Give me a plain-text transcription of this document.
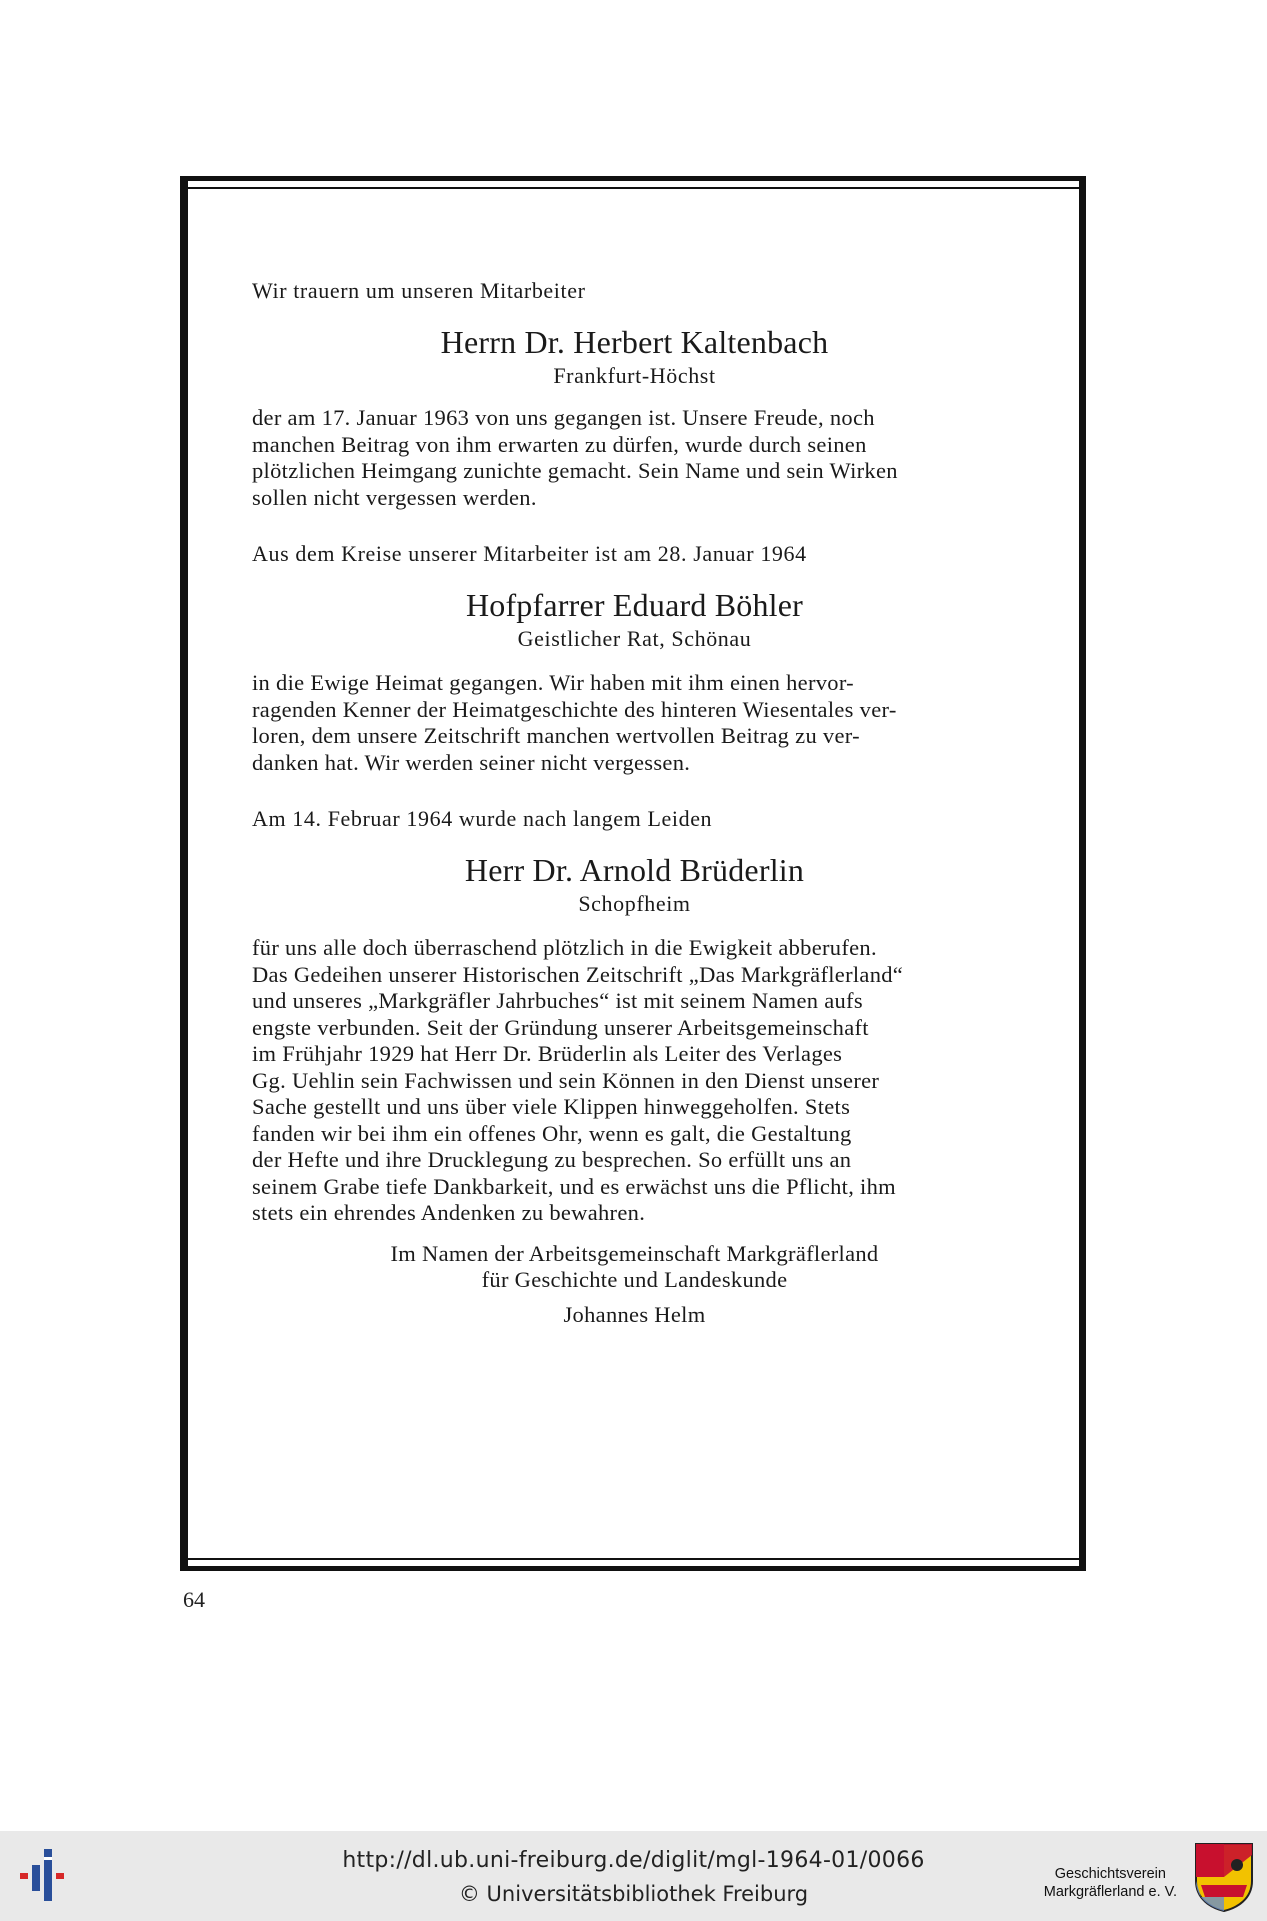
Wir trauern um unseren Mitarbeiter

Herrn Dr. Herbert Kaltenbach

Frankfurt-Höchst

der am 17. Januar 1963 von uns gegangen ist. Unsere Freude, noch

manchen Beitrag von ihm erwarten zu dürfen, wurde durch seinen

plötzlichen Heimgang zunichte gemacht. Sein Name und sein Wirken

sollen nicht vergessen werden.

Aus dem Kreise unserer Mitarbeiter ist am 28. Januar 1964

Hofpfarrer Eduard Böhler

Geistlicher Rat, Schönau

in die Ewige Heimat gegangen. Wir haben mit ihm einen hervor-

ragenden Kenner der Heimatgeschichte des hinteren Wiesentales ver-

loren, dem unsere Zeitschrift manchen wertvollen Beitrag zu ver-

danken hat. Wir werden seiner nicht vergessen.

Am 14. Februar 1964 wurde nach langem Leiden

Herr Dr. Arnold Brüderlin

Schopfheim

für uns alle doch überraschend plötzlich in die Ewigkeit abberufen.

Das Gedeihen unserer Historischen Zeitschrift „Das Markgräflerland“

und unseres „Markgräfler Jahrbuches“ ist mit seinem Namen aufs

engste verbunden. Seit der Gründung unserer Arbeitsgemeinschaft

im Frühjahr 1929 hat Herr Dr. Brüderlin als Leiter des Verlages

Gg. Uehlin sein Fachwissen und sein Können in den Dienst unserer

Sache gestellt und uns über viele Klippen hinweggeholfen. Stets

fanden wir bei ihm ein offenes Ohr, wenn es galt, die Gestaltung

der Hefte und ihre Drucklegung zu besprechen. So erfüllt uns an

seinem Grabe tiefe Dankbarkeit, und es erwächst uns die Pflicht, ihm

stets ein ehrendes Andenken zu bewahren.

Im Namen der Arbeitsgemeinschaft Markgräflerland

für Geschichte und Landeskunde

Johannes Helm

64
http://dl.ub.uni-freiburg.de/diglit/mgl-1964-01/0066
© Universitätsbibliothek Freiburg
Geschichtsverein
Markgräflerland e. V.
